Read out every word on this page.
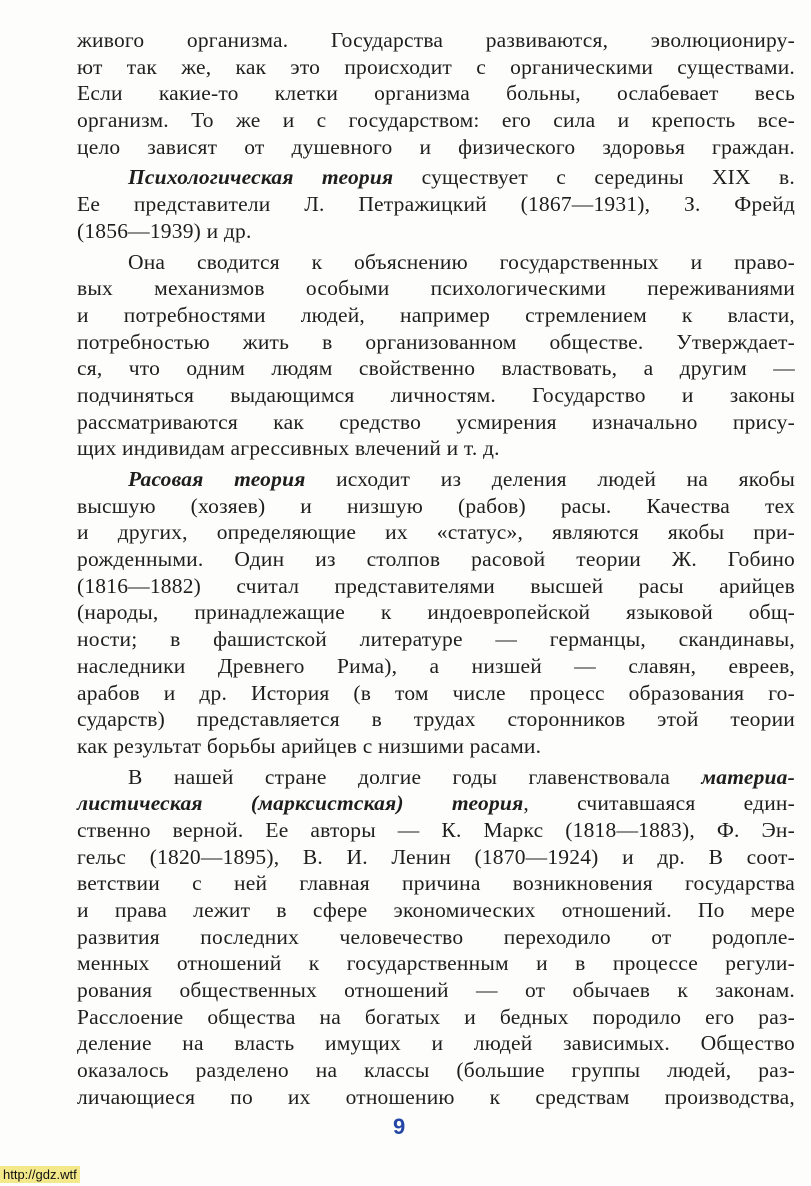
живого организма. Государства развиваются, эволюциониру-
ют так же, как это происходит с органическими существами.
Если какие-то клетки организма больны, ослабевает весь
организм. То же и с государством: его сила и крепость все-
цело зависят от душевного и физического здоровья граждан.
Психологическая теория существует с середины XIX в.
Ее представители Л. Петражицкий (1867—1931), З. Фрейд
(1856—1939) и др.
Она сводится к объяснению государственных и право-
вых механизмов особыми психологическими переживаниями
и потребностями людей, например стремлением к власти,
потребностью жить в организованном обществе. Утверждает-
ся, что одним людям свойственно властвовать, а другим —
подчиняться выдающимся личностям. Государство и законы
рассматриваются как средство усмирения изначально прису-
щих индивидам агрессивных влечений и т. д.
Расовая теория исходит из деления людей на якобы
высшую (хозяев) и низшую (рабов) расы. Качества тех
и других, определяющие их «статус», являются якобы при-
рожденными. Один из столпов расовой теории Ж. Гобино
(1816—1882) считал представителями высшей расы арийцев
(народы, принадлежащие к индоевропейской языковой общ-
ности; в фашистской литературе — германцы, скандинавы,
наследники Древнего Рима), а низшей — славян, евреев,
арабов и др. История (в том числе процесс образования го-
сударств) представляется в трудах сторонников этой теории
как результат борьбы арийцев с низшими расами.
В нашей стране долгие годы главенствовала материа-
листическая (марксистская) теория, считавшаяся един-
ственно верной. Ее авторы — К. Маркс (1818—1883), Ф. Эн-
гельс (1820—1895), В. И. Ленин (1870—1924) и др. В соот-
ветствии с ней главная причина возникновения государства
и права лежит в сфере экономических отношений. По мере
развития последних человечество переходило от родопле-
менных отношений к государственным и в процессе регули-
рования общественных отношений — от обычаев к законам.
Расслоение общества на богатых и бедных породило его раз-
деление на власть имущих и людей зависимых. Общество
оказалось разделено на классы (большие группы людей, раз-
личающиеся по их отношению к средствам производства,
9
http://gdz.wtf
